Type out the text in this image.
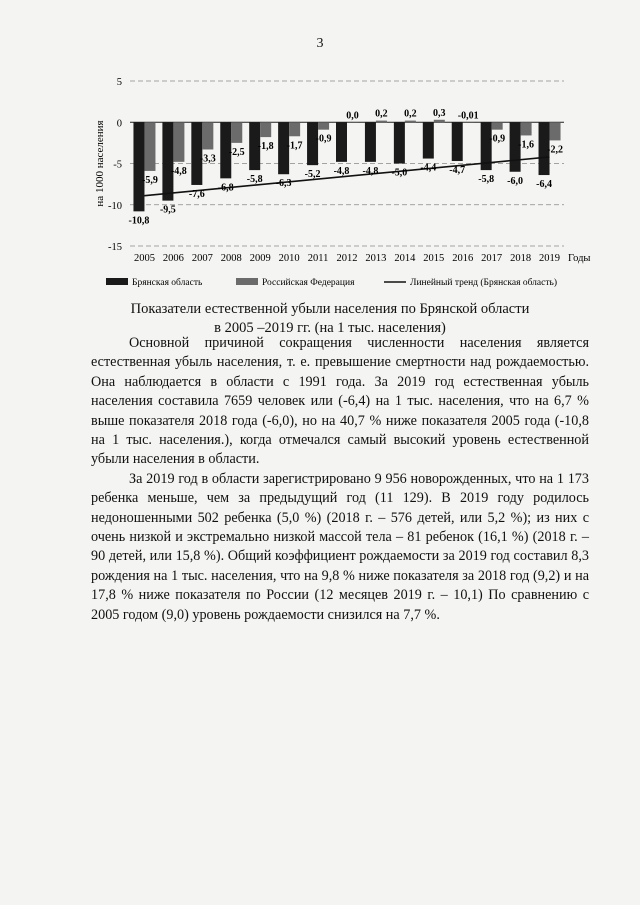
3
на 1000 населения
5
0
-5
-10
-15
2005 2006 2007 2008 2009 2010 2011 2012 2013 2014 2015 2016 2017 2018 2019 Годы
-10,8
-5,9
-9,5
-4,8
-7,6
-3,3
-6,8
-2,5
-5,8
-1,8
-6,3
-1,7
-5,2
-0,9
-4,8
0,0
-4,8
0,2
-5,0
0,2
-4,4
0,3
-4,7
-0,01
-5,8
-0,9
-6,0
-1,6
-6,4
-2,2
Брянская область	Российская Федерация	Линейный тренд (Брянская область)
Показатели естественной убыли населения по Брянской области
в 2005 –2019 гг. (на 1 тыс. населения)

Основной причиной сокращения численности населения является естественная убыль населения, т. е. превышение смертности над рождаемостью. Она наблюдается в области с 1991 года. За 2019 год естественная убыль населения составила 7659 человек или (-6,4) на 1 тыс. населения, что на 6,7 % выше показателя 2018 года (-6,0), но на 40,7 % ниже показателя 2005 года (-10,8 на 1 тыс. населения.), когда отмечался самый высокий уровень естественной убыли населения в области.

За 2019 год в области зарегистрировано 9 956 новорожденных, что на 1 173 ребенка меньше, чем за предыдущий год (11 129). В 2019 году родилось недоношенными 502 ребенка (5,0 %) (2018 г. – 576 детей, или 5,2 %); из них с очень низкой и экстремально низкой массой тела – 81 ребенок (16,1 %) (2018 г. – 90 детей, или 15,8 %). Общий коэффициент рождаемости за 2019 год составил 8,3 рождения на 1 тыс. населения, что на 9,8 % ниже показателя за 2018 год (9,2) и на 17,8 % ниже показателя по России (12 месяцев 2019 г. – 10,1) По сравнению с 2005 годом (9,0) уровень рождаемости снизился на 7,7 %.
